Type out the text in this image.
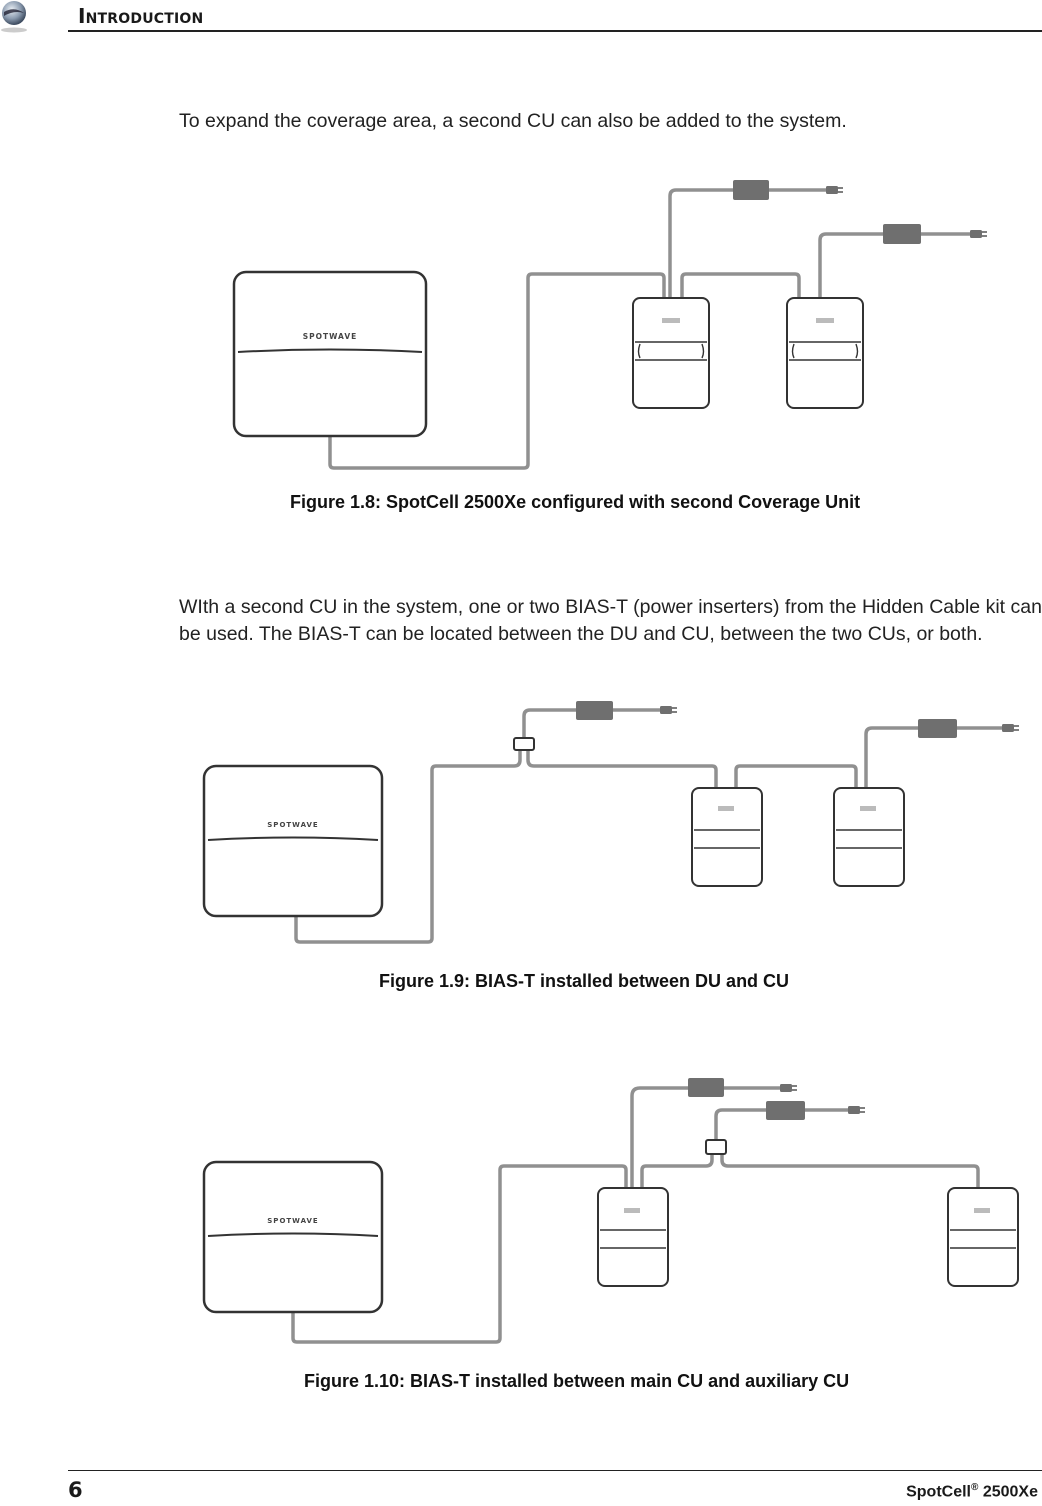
Introduction
To expand the coverage area, a second CU can also be added to the system.
SPOTWAVE
Figure 1.8: SpotCell 2500Xe configured with second Coverage Unit
WIth a second CU in the system, one or two BIAS-T (power inserters) from the Hidden Cable kit can be used. The BIAS-T can be located between the DU and CU, between the two CUs, or both.
SPOTWAVE
Figure 1.9: BIAS-T installed between DU and CU
SPOTWAVE
Figure 1.10: BIAS-T installed between main CU and auxiliary CU
6	SpotCell® 2500Xe
